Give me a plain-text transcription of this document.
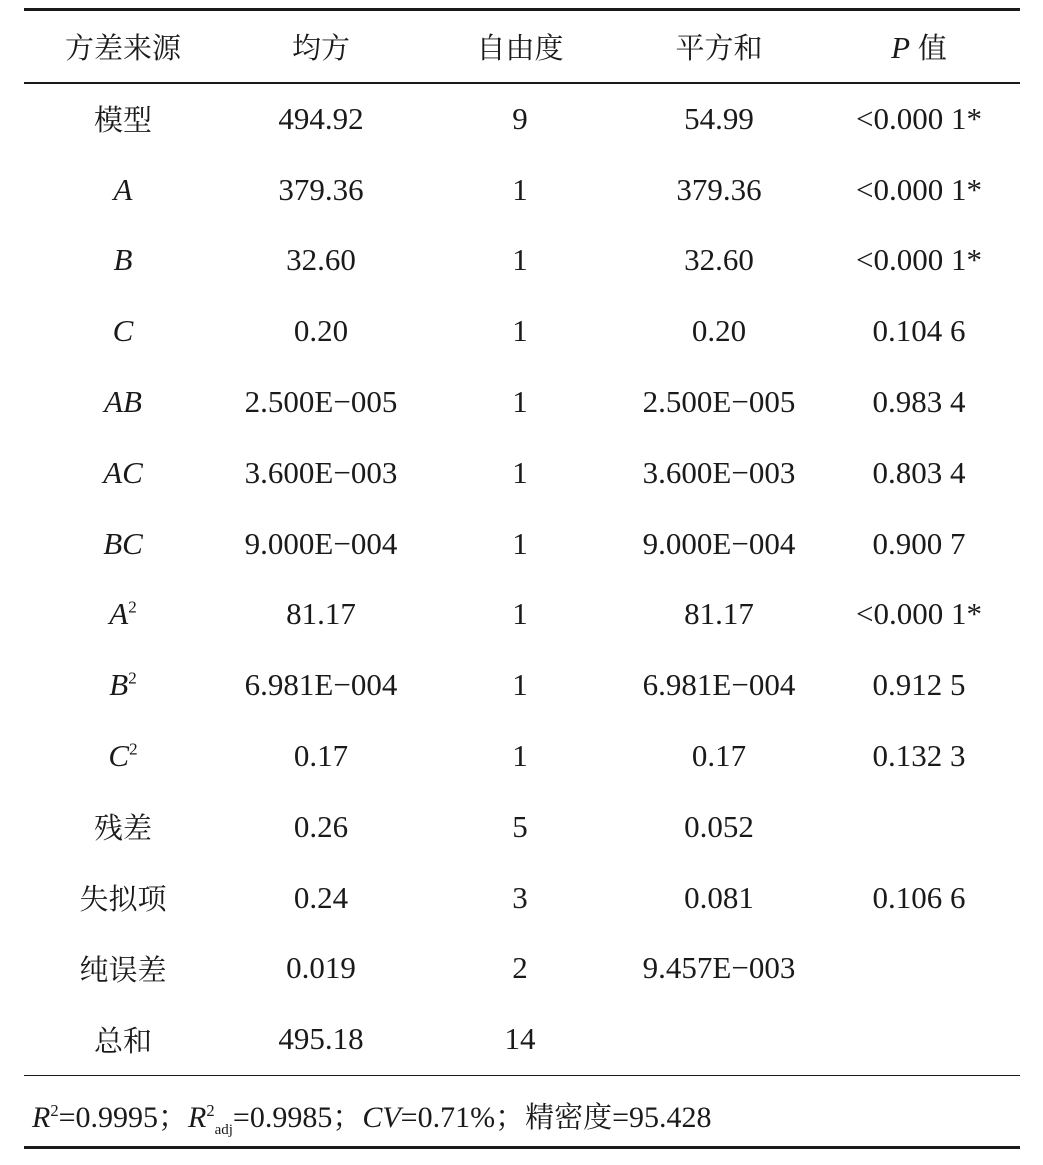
方差来源	均方	自由度	平方和	P 值
模型	494.92	9	54.99	<0.000 1*
A	379.36	1	379.36	<0.000 1*
B	32.60	1	32.60	<0.000 1*
C	0.20	1	0.20	0.104 6
AB	2.500E−005	1	2.500E−005	0.983 4
AC	3.600E−003	1	3.600E−003	0.803 4
BC	9.000E−004	1	9.000E−004	0.900 7
$A^2$	81.17	1	81.17	<0.000 1*
$B^2$	6.981E−004	1	6.981E−004	0.912 5
$C^2$	0.17	1	0.17	0.132 3
残差	0.26	5	0.052	
失拟项	0.24	3	0.081	0.106 6
纯误差	0.019	2	9.457E−003	
总和	495.18	14		
$R^2=0.9995$；$R^2_{adj}=0.9985$；CV=0.71%；精密度=95.428
